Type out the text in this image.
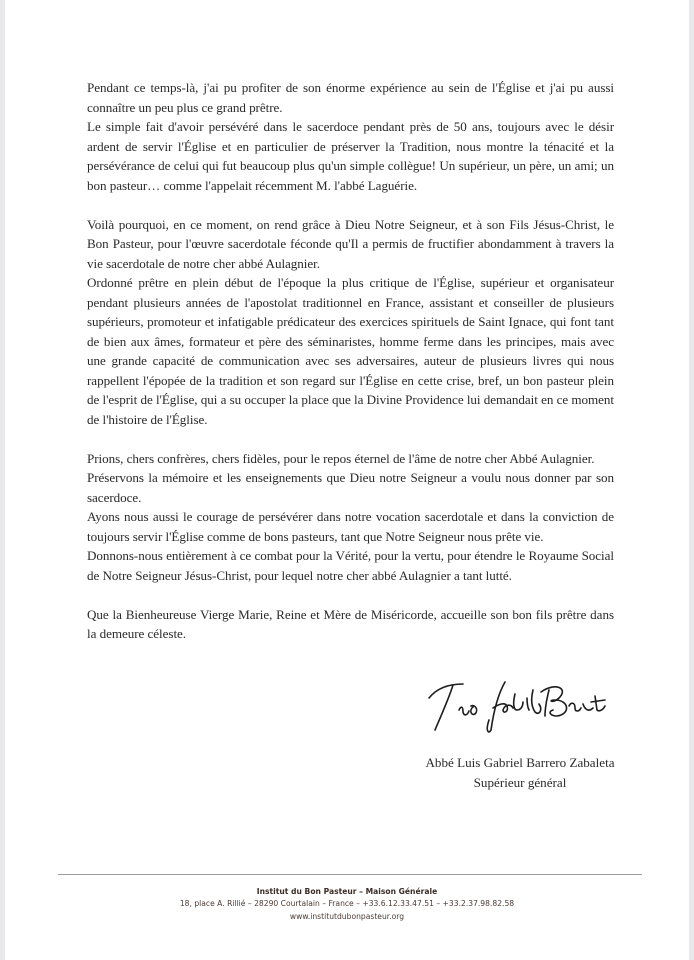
Pendant ce temps-là, j'ai pu profiter de son énorme expérience au sein de l'Église et j'ai pu aussi connaître un peu plus ce grand prêtre.

Le simple fait d'avoir persévéré dans le sacerdoce pendant près de 50 ans, toujours avec le désir ardent de servir l'Église et en particulier de préserver la Tradition, nous montre la ténacité et la persévérance de celui qui fut beaucoup plus qu'un simple collègue! Un supérieur, un père, un ami; un bon pasteur… comme l'appelait récemment M. l'abbé Laguérie.

Voilà pourquoi, en ce moment, on rend grâce à Dieu Notre Seigneur, et à son Fils Jésus-Christ, le Bon Pasteur, pour l'œuvre sacerdotale féconde qu'Il a permis de fructifier abondamment à travers la vie sacerdotale de notre cher abbé Aulagnier.

Ordonné prêtre en plein début de l'époque la plus critique de l'Église, supérieur et organisateur pendant plusieurs années de l'apostolat traditionnel en France, assistant et conseiller de plusieurs supérieurs, promoteur et infatigable prédicateur des exercices spirituels de Saint Ignace, qui font tant de bien aux âmes, formateur et père des séminaristes, homme ferme dans les principes, mais avec une grande capacité de communication avec ses adversaires, auteur de plusieurs livres qui nous rappellent l'épopée de la tradition et son regard sur l'Église en cette crise, bref, un bon pasteur plein de l'esprit de l'Église, qui a su occuper la place que la Divine Providence lui demandait en ce moment de l'histoire de l'Église.

Prions, chers confrères, chers fidèles, pour le repos éternel de l'âme de notre cher Abbé Aulagnier.

Préservons la mémoire et les enseignements que Dieu notre Seigneur a voulu nous donner par son sacerdoce.

Ayons nous aussi le courage de persévérer dans notre vocation sacerdotale et dans la conviction de toujours servir l'Église comme de bons pasteurs, tant que Notre Seigneur nous prête vie.

Donnons-nous entièrement à ce combat pour la Vérité, pour la vertu, pour étendre le Royaume Social de Notre Seigneur Jésus-Christ, pour lequel notre cher abbé Aulagnier a tant lutté.

Que la Bienheureuse Vierge Marie, Reine et Mère de Miséricorde, accueille son bon fils prêtre dans la demeure céleste.

Abbé Luis Gabriel Barrero Zabaleta
Supérieur général
Institut du Bon Pasteur – Maison Générale
18, place A. Rillié – 28290 Courtalain – France – +33.6.12.33.47.51 – +33.2.37.98.82.58
www.institutdubonpasteur.org
